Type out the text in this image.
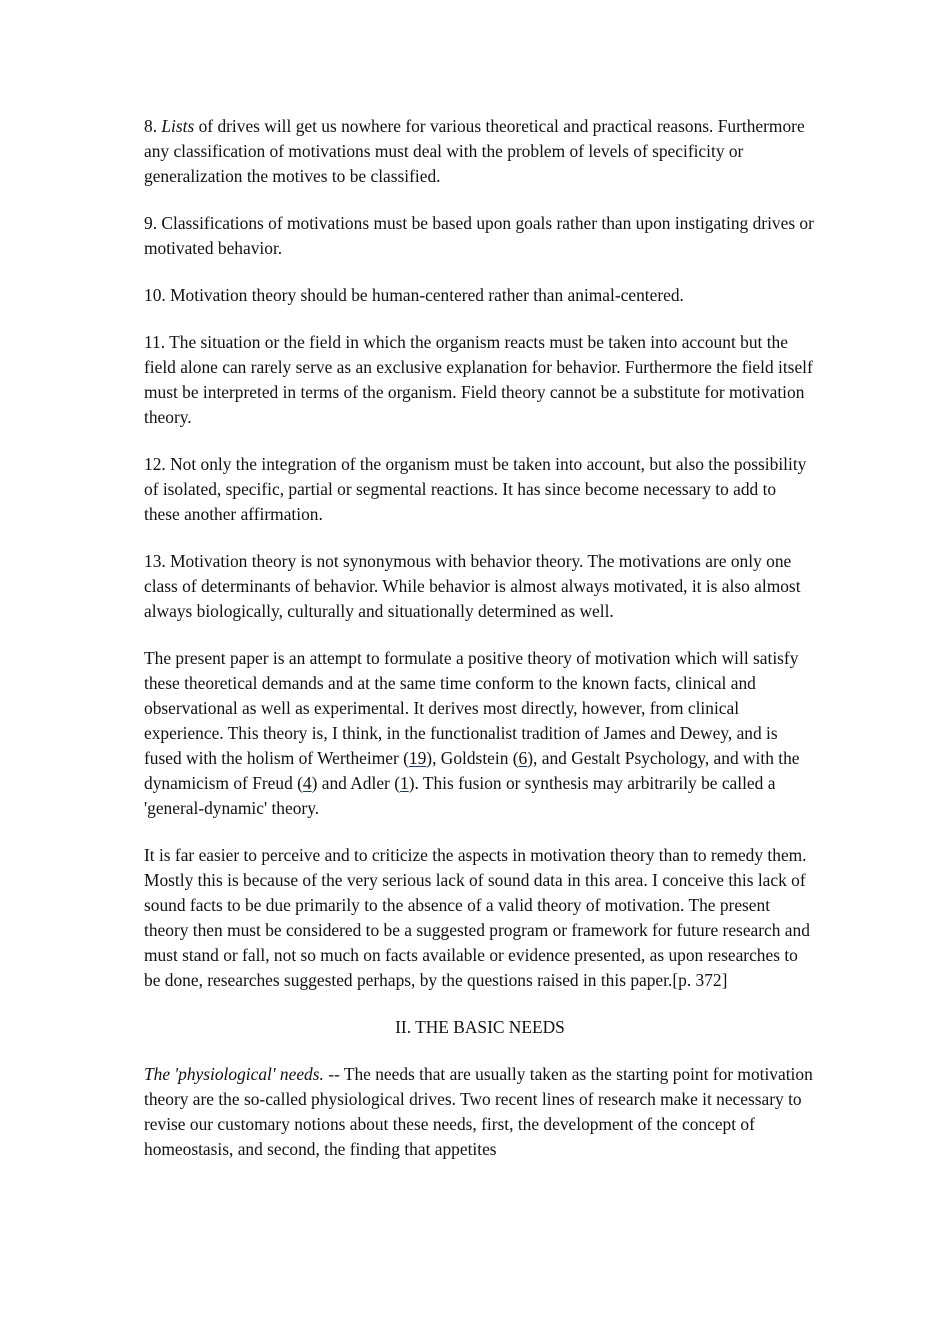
8. Lists of drives will get us nowhere for various theoretical and practical reasons. Furthermore any classification of motivations must deal with the problem of levels of specificity or generalization the motives to be classified.

9. Classifications of motivations must be based upon goals rather than upon instigating drives or motivated behavior.

10. Motivation theory should be human-centered rather than animal-centered.

11. The situation or the field in which the organism reacts must be taken into account but the field alone can rarely serve as an exclusive explanation for behavior. Furthermore the field itself must be interpreted in terms of the organism. Field theory cannot be a substitute for motivation theory.

12. Not only the integration of the organism must be taken into account, but also the possibility of isolated, specific, partial or segmental reactions. It has since become necessary to add to these another affirmation.

13. Motivation theory is not synonymous with behavior theory. The motivations are only one class of determinants of behavior. While behavior is almost always motivated, it is also almost always biologically, culturally and situationally determined as well.

The present paper is an attempt to formulate a positive theory of motivation which will satisfy these theoretical demands and at the same time conform to the known facts, clinical and observational as well as experimental. It derives most directly, however, from clinical experience. This theory is, I think, in the functionalist tradition of James and Dewey, and is fused with the holism of Wertheimer (19), Goldstein (6), and Gestalt Psychology, and with the dynamicism of Freud (4) and Adler (1). This fusion or synthesis may arbitrarily be called a 'general-dynamic' theory.

It is far easier to perceive and to criticize the aspects in motivation theory than to remedy them. Mostly this is because of the very serious lack of sound data in this area. I conceive this lack of sound facts to be due primarily to the absence of a valid theory of motivation. The present theory then must be considered to be a suggested program or framework for future research and must stand or fall, not so much on facts available or evidence presented, as upon researches to be done, researches suggested perhaps, by the questions raised in this paper.[p. 372]

II. THE BASIC NEEDS

The 'physiological' needs. -- The needs that are usually taken as the starting point for motivation theory are the so-called physiological drives. Two recent lines of research make it necessary to revise our customary notions about these needs, first, the development of the concept of homeostasis, and second, the finding that appetites
